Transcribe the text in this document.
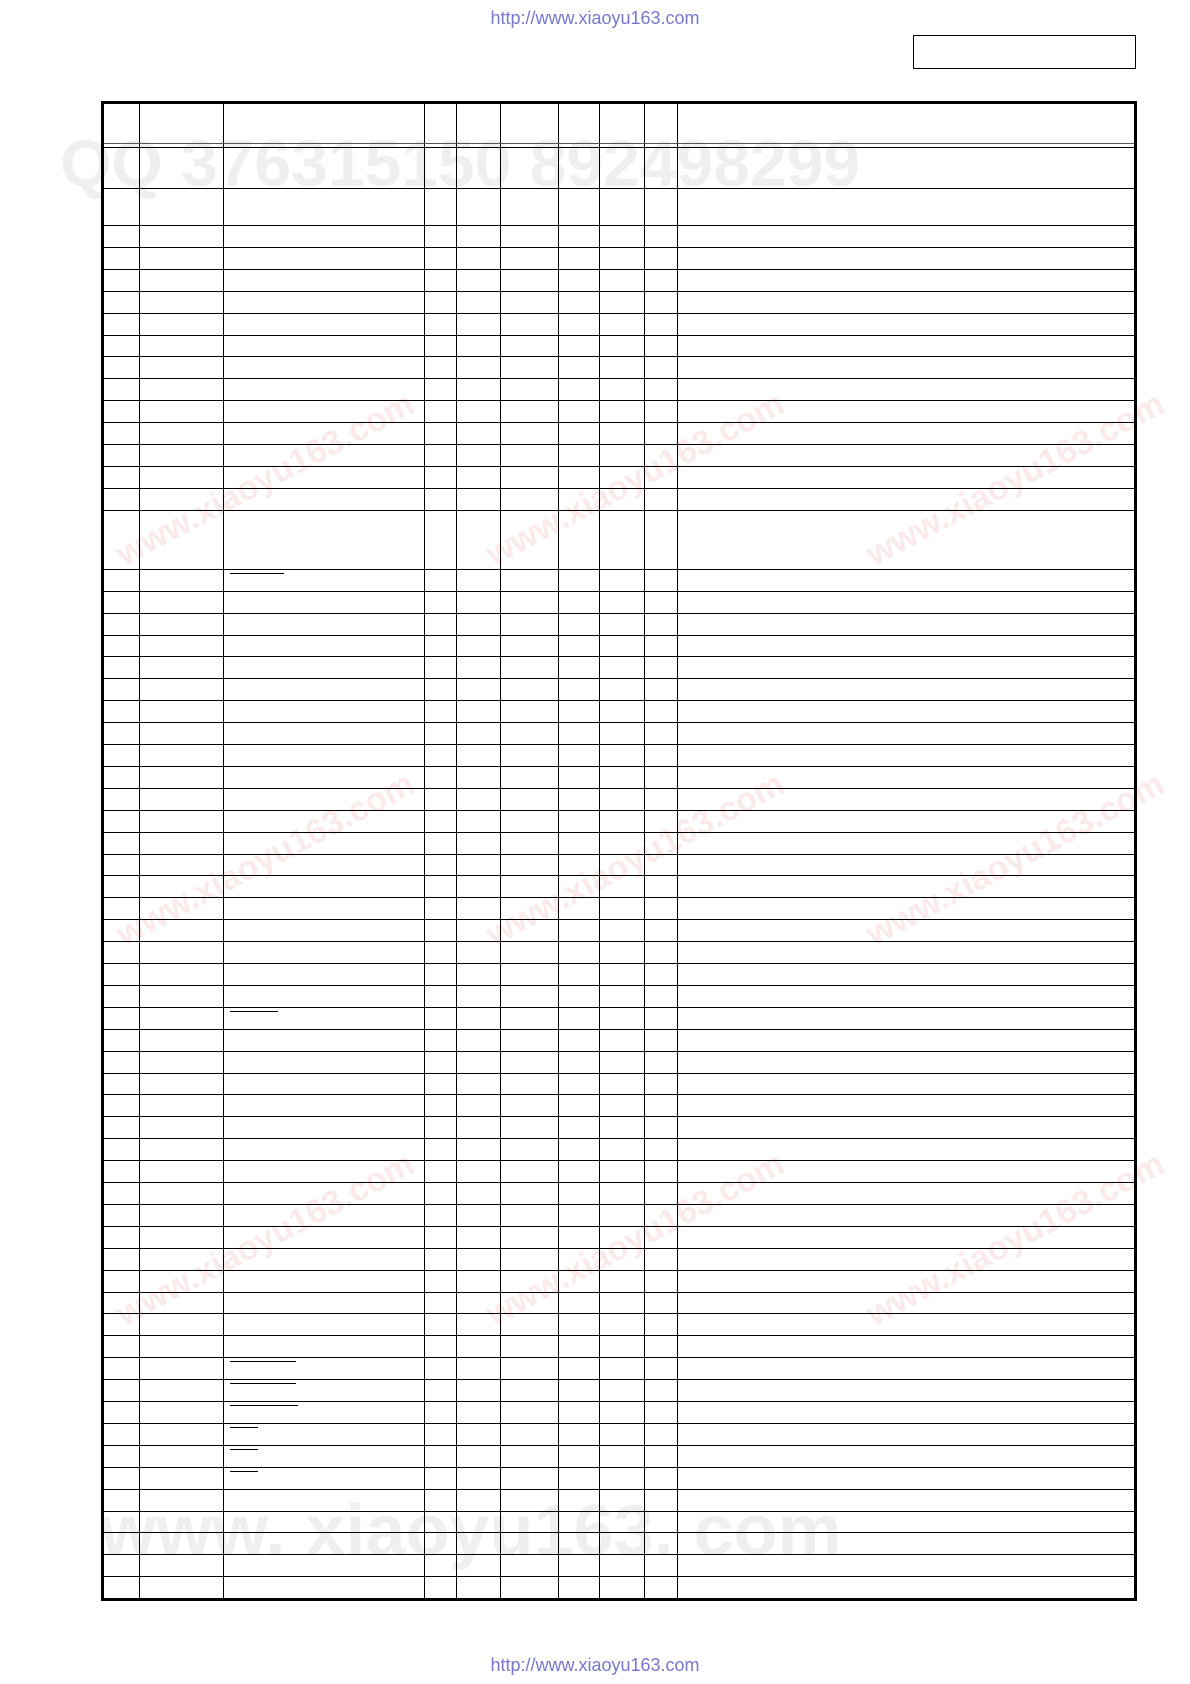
http://www.xiaoyu163.com
QQ 376315150 892498299
www. xiaoyu163. com
www.xiaoyu163.com www.xiaoyu163.com www.xiaoyu163.com
www.xiaoyu163.com www.xiaoyu163.com www.xiaoyu163.com
www.xiaoyu163.com www.xiaoyu163.com www.xiaoyu163.com
http://www.xiaoyu163.com
